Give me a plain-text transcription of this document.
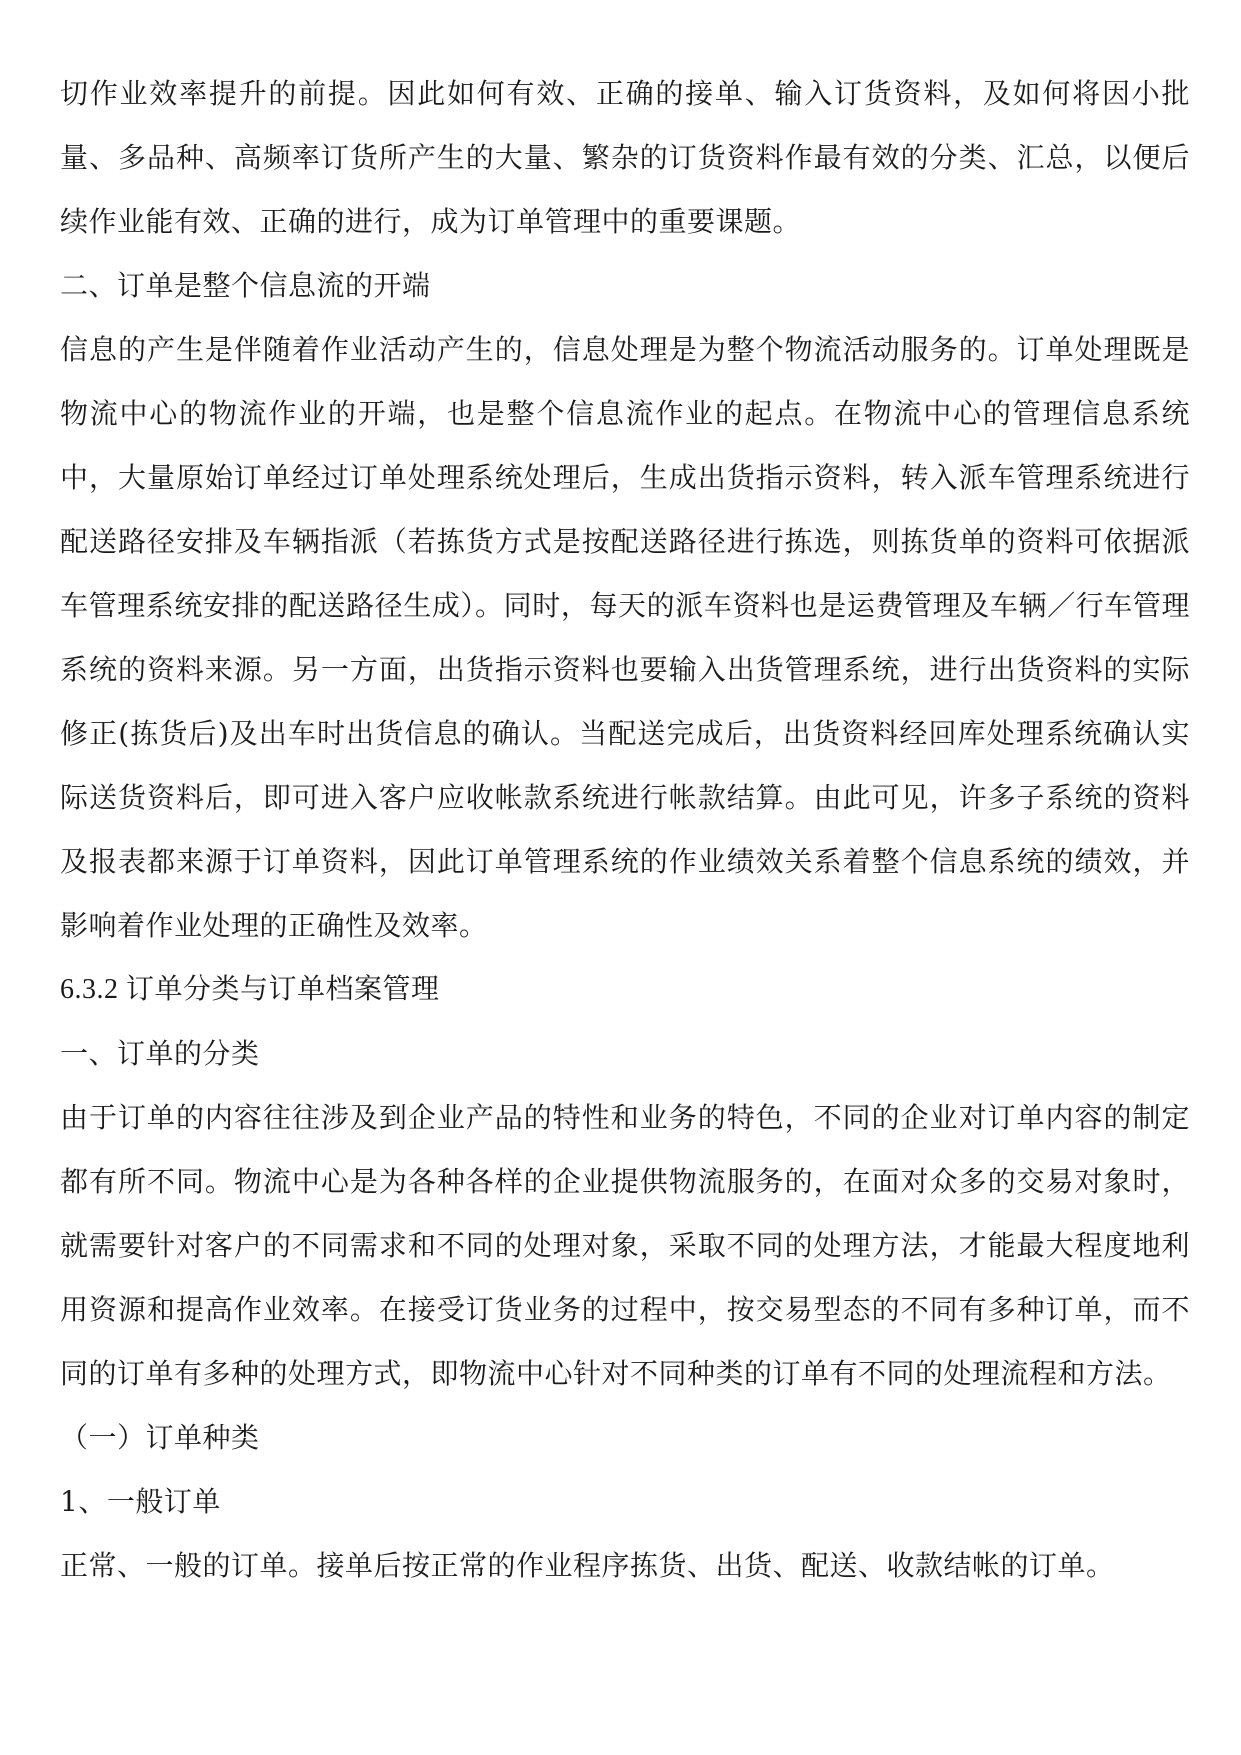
切作业效率提升的前提。因此如何有效、正确的接单、输入订货资料，及如何将因小批量、多品种、高频率订货所产生的大量、繁杂的订货资料作最有效的分类、汇总，以便后续作业能有效、正确的进行，成为订单管理中的重要课题。

二、订单是整个信息流的开端

信息的产生是伴随着作业活动产生的，信息处理是为整个物流活动服务的。订单处理既是物流中心的物流作业的开端，也是整个信息流作业的起点。在物流中心的管理信息系统中，大量原始订单经过订单处理系统处理后，生成出货指示资料，转入派车管理系统进行配送路径安排及车辆指派（若拣货方式是按配送路径进行拣选，则拣货单的资料可依据派车管理系统安排的配送路径生成）。同时，每天的派车资料也是运费管理及车辆／行车管理系统的资料来源。另一方面，出货指示资料也要输入出货管理系统，进行出货资料的实际修正(拣货后)及出车时出货信息的确认。当配送完成后，出货资料经回库处理系统确认实际送货资料后，即可进入客户应收帐款系统进行帐款结算。由此可见，许多子系统的资料及报表都来源于订单资料，因此订单管理系统的作业绩效关系着整个信息系统的绩效，并影响着作业处理的正确性及效率。

6.3.2 订单分类与订单档案管理

一、订单的分类

由于订单的内容往往涉及到企业产品的特性和业务的特色，不同的企业对订单内容的制定都有所不同。物流中心是为各种各样的企业提供物流服务的，在面对众多的交易对象时，就需要针对客户的不同需求和不同的处理对象，采取不同的处理方法，才能最大程度地利用资源和提高作业效率。在接受订货业务的过程中，按交易型态的不同有多种订单，而不同的订单有多种的处理方式，即物流中心针对不同种类的订单有不同的处理流程和方法。

（一）订单种类

1、一般订单

正常、一般的订单。接单后按正常的作业程序拣货、出货、配送、收款结帐的订单。
